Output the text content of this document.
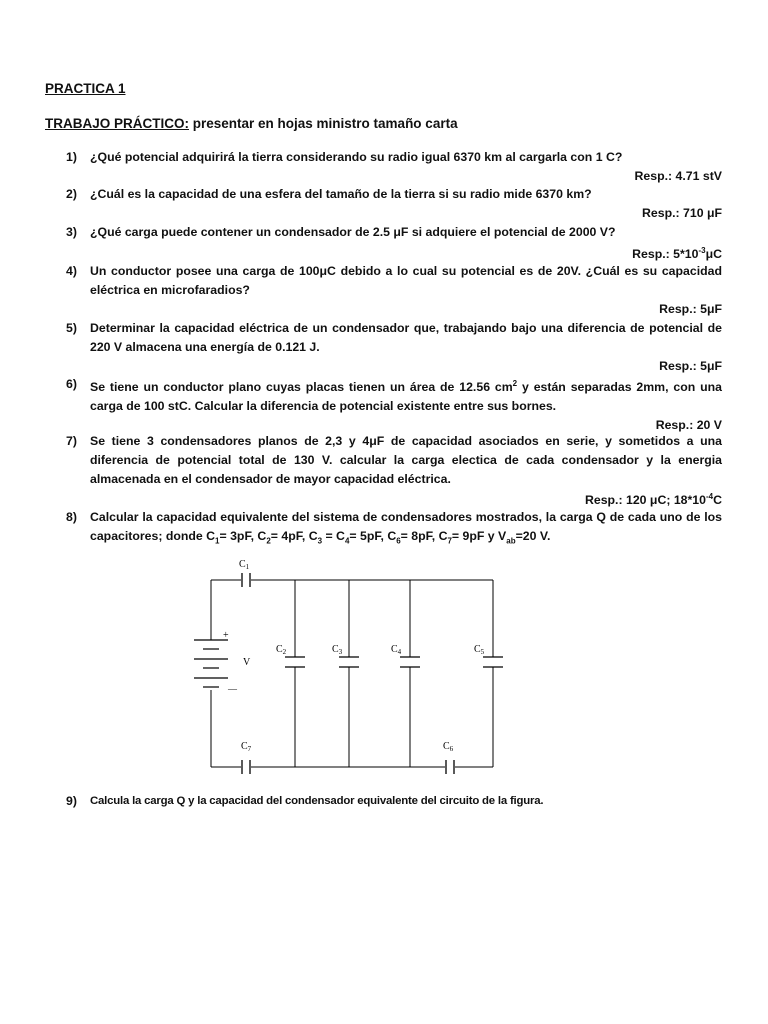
PRACTICA 1
TRABAJO PRÁCTICO: presentar en hojas ministro tamaño carta
1) ¿Qué potencial adquirirá la tierra considerando su radio igual 6370 km al cargarla con 1 C?
Resp.: 4.71 stV
2) ¿Cuál es la capacidad de una esfera del tamaño de la tierra si su radio mide 6370 km?
Resp.: 710 μF
3) ¿Qué carga puede contener un condensador de 2.5 μF si adquiere el potencial de 2000 V?
Resp.: $5*10^{-3}\mu C$
4) Un conductor posee una carga de 100μC debido a lo cual su potencial es de 20V. ¿Cuál es su capacidad eléctrica en microfaradios?
Resp.: 5μF
5) Determinar la capacidad eléctrica de un condensador que, trabajando bajo una diferencia de potencial de 220 V almacena una energía de 0.121 J.
Resp.: 5μF
6) Se tiene un conductor plano cuyas placas tienen un área de 12.56 $cm^2$ y están separadas 2mm, con una carga de 100 stC. Calcular la diferencia de potencial existente entre sus bornes.
Resp.: 20 V
7) Se tiene 3 condensadores planos de 2,3 y 4μF de capacidad asociados en serie, y sometidos a una diferencia de potencial total de 130 V. calcular la carga electica de cada condensador y la energia almacenada en el condensador de mayor capacidad eléctrica.
Resp.: 120 μC; $18*10^{-4}C$
8) Calcular la capacidad equivalente del sistema de condensadores mostrados, la carga Q de cada uno de los capacitores; donde $C_1= 3pF$, $C_2= 4pF$, $C_3 = C_4= 5pF$, $C_6= 8pF$, $C_7= 9pF$ y $V_{ab}=20$ V.
$C_1$
$C_2$	$C_3$	$C_4$	$C_5$
$C_6$
$C_7$
V
+
—
9) Calcula la carga Q y la capacidad del condensador equivalente del circuito de la figura.
